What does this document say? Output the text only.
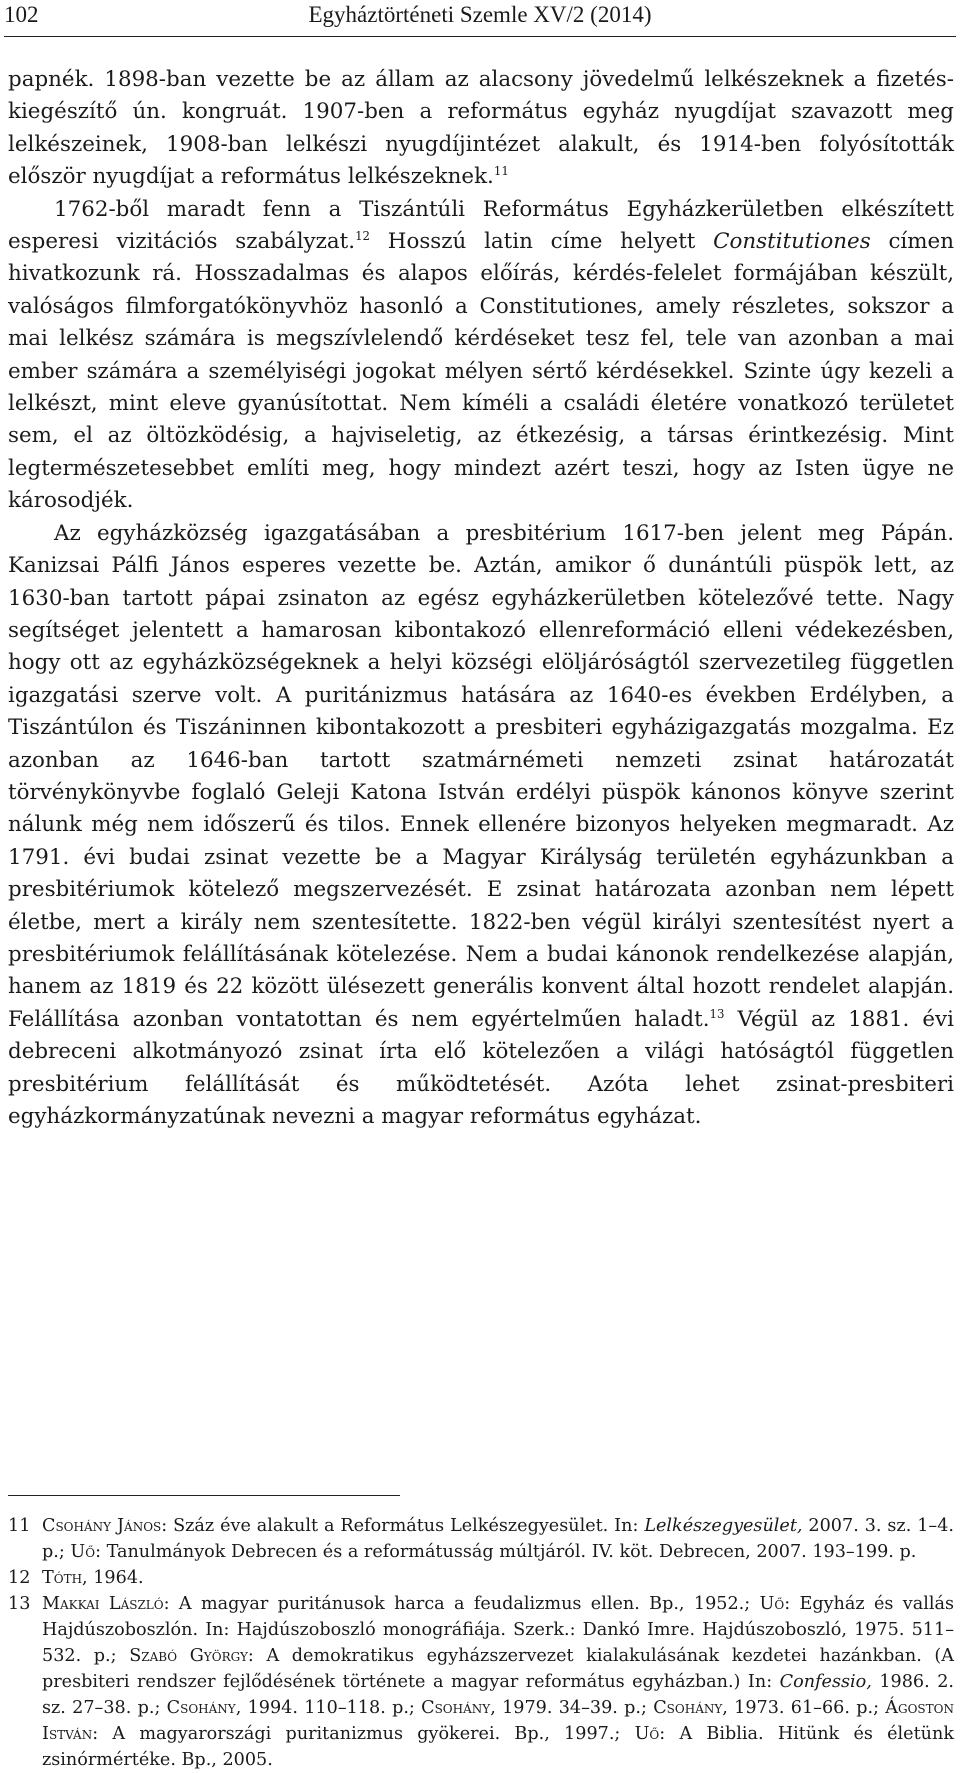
102	Egyháztörténeti Szemle XV/2 (2014)

papnék. 1898-ban vezette be az állam az alacsony jövedelmű lelkészeknek a fizetés-kiegészítő ún. kongruát. 1907-ben a református egyház nyugdíjat szavazott meg lelkészeinek, 1908-ban lelkészi nyugdíjintézet alakult, és 1914-ben folyósították először nyugdíjat a református lelkészeknek.$^{11}$

1762-ből maradt fenn a Tiszántúli Református Egyházkerületben elkészített esperesi vizitációs szabályzat.$^{12}$ Hosszú latin címe helyett Constitutiones címen hivatkozunk rá. Hosszadalmas és alapos előírás, kérdés-felelet formájában készült, valóságos filmforgatókönyvhöz hasonló a Constitutiones, amely részletes, sokszor a mai lelkész számára is megszívlelendő kérdéseket tesz fel, tele van azonban a mai ember számára a személyiségi jogokat mélyen sértő kérdésekkel. Szinte úgy kezeli a lelkészt, mint eleve gyanúsítottat. Nem kíméli a családi életére vonatkozó területet sem, el az öltözködésig, a hajviseletig, az étkezésig, a társas érintkezésig. Mint legtermészetesebbet említi meg, hogy mindezt azért teszi, hogy az Isten ügye ne károsodjék.

Az egyházközség igazgatásában a presbitérium 1617-ben jelent meg Pápán. Kanizsai Pálfi János esperes vezette be. Aztán, amikor ő dunántúli püspök lett, az 1630-ban tartott pápai zsinaton az egész egyházkerületben kötelezővé tette. Nagy segítséget jelentett a hamarosan kibontakozó ellenreformáció elleni védekezésben, hogy ott az egyházközségeknek a helyi községi elöljáróságtól szervezetileg független igazgatási szerve volt. A puritánizmus hatására az 1640-es években Erdélyben, a Tiszántúlon és Tiszáninnen kibontakozott a presbiteri egyházigazgatás mozgalma. Ez azonban az 1646-ban tartott szatmárnémeti nemzeti zsinat határozatát törvénykönyvbe foglaló Geleji Katona István erdélyi püspök kánonos könyve szerint nálunk még nem időszerű és tilos. Ennek ellenére bizonyos helyeken megmaradt. Az 1791. évi budai zsinat vezette be a Magyar Királyság területén egyházunkban a presbitériumok kötelező megszervezését. E zsinat határozata azonban nem lépett életbe, mert a király nem szentesítette. 1822-ben végül királyi szentesítést nyert a presbitériumok felállításának kötelezése. Nem a budai kánonok rendelkezése alapján, hanem az 1819 és 22 között ülésezett generális konvent által hozott rendelet alapján. Felállítása azonban vontatottan és nem egyértelműen haladt.$^{13}$ Végül az 1881. évi debreceni alkotmányozó zsinat írta elő kötelezően a világi hatóságtól független presbitérium felállítását és működtetését. Azóta lehet zsinat-presbiteri egyházkormányzatúnak nevezni a magyar református egyházat.

11 Csohány János: Száz éve alakult a Református Lelkészegyesület. In: Lelkészegyesület, 2007. 3. sz. 1–4. p.; Uő: Tanulmányok Debrecen és a reformátusság múltjáról. IV. köt. Debrecen, 2007. 193–199. p.
12 Tóth, 1964.
13 Makkai László: A magyar puritánusok harca a feudalizmus ellen. Bp., 1952.; Uő: Egyház és vallás Hajdúszoboszlón. In: Hajdúszoboszló monográfiája. Szerk.: Dankó Imre. Hajdúszoboszló, 1975. 511–532. p.; Szabó György: A demokratikus egyházszervezet kialakulásának kezdetei hazánkban. (A presbiteri rendszer fejlődésének története a magyar református egyházban.) In: Confessio, 1986. 2. sz. 27–38. p.; Csohány, 1994. 110–118. p.; Csohány, 1979. 34–39. p.; Csohány, 1973. 61–66. p.; Ágoston István: A magyarországi puritanizmus gyökerei. Bp., 1997.; Uő: A Biblia. Hitünk és életünk zsinórmértéke. Bp., 2005.
